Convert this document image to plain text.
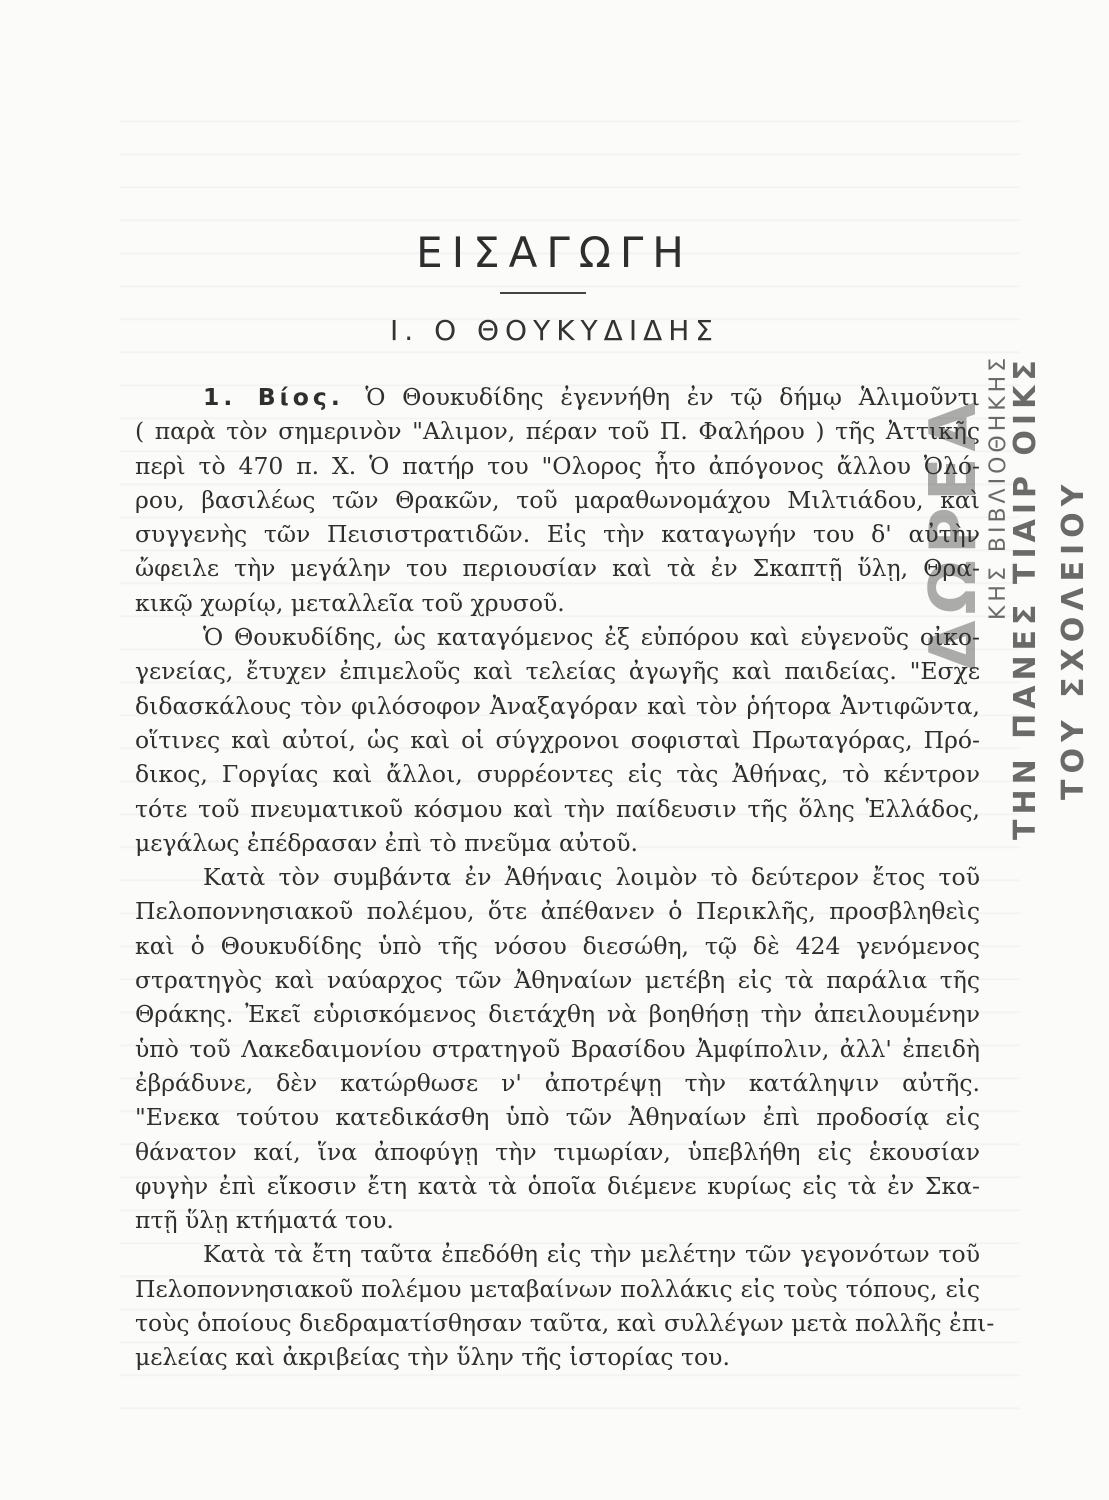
ΕΙΣΑΓΩΓΗ
Ι. Ο ΘΟΥΚΥΔΙΔΗΣ

1. Βίος. Ὁ Θουκυδίδης ἐγεννήθη ἐν τῷ δήμῳ Ἁλιμοῦντι
( παρὰ τὸν σημερινὸν "Αλιμον, πέραν τοῦ Π. Φαλήρου ) τῆς Ἀττικῆς
περὶ τὸ 470 π. Χ. Ὁ πατήρ του "Ολορος ἦτο ἀπόγονος ἄλλου Ὀλό-
ρου, βασιλέως τῶν Θρακῶν, τοῦ μαραθωνομάχου Μιλτιάδου, καὶ
συγγενὴς τῶν Πεισιστρατιδῶν. Εἰς τὴν καταγωγήν του δ' αὐτὴν
ὤφειλε τὴν μεγάλην του περιουσίαν καὶ τὰ ἐν Σκαπτῇ ὕλῃ, Θρα-
κικῷ χωρίῳ, μεταλλεῖα τοῦ χρυσοῦ.

Ὁ Θουκυδίδης, ὡς καταγόμενος ἐξ εὐπόρου καὶ εὐγενοῦς οἰκο-
γενείας, ἔτυχεν ἐπιμελοῦς καὶ τελείας ἀγωγῆς καὶ παιδείας. "Εσχε
διδασκάλους τὸν φιλόσοφον Ἀναξαγόραν καὶ τὸν ῥήτορα Ἀντιφῶντα,
οἵτινες καὶ αὐτοί, ὡς καὶ οἱ σύγχρονοι σοφισταὶ Πρωταγόρας, Πρό-
δικος, Γοργίας καὶ ἄλλοι, συρρέοντες εἰς τὰς Ἀθήνας, τὸ κέντρον
τότε τοῦ πνευματικοῦ κόσμου καὶ τὴν παίδευσιν τῆς ὅλης Ἑλλάδος,
μεγάλως ἐπέδρασαν ἐπὶ τὸ πνεῦμα αὐτοῦ.

Κατὰ τὸν συμβάντα ἐν Ἀθήναις λοιμὸν τὸ δεύτερον ἔτος τοῦ
Πελοποννησιακοῦ πολέμου, ὅτε ἀπέθανεν ὁ Περικλῆς, προσβληθεὶς
καὶ ὁ Θουκυδίδης ὑπὸ τῆς νόσου διεσώθη, τῷ δὲ 424 γενόμενος
στρατηγὸς καὶ ναύαρχος τῶν Ἀθηναίων μετέβη εἰς τὰ παράλια τῆς
Θράκης. Ἐκεῖ εὑρισκόμενος διετάχθη νὰ βοηθήσῃ τὴν ἀπειλουμένην
ὑπὸ τοῦ Λακεδαιμονίου στρατηγοῦ Βρασίδου Ἀμφίπολιν, ἀλλ' ἐπειδὴ
ἐβράδυνε, δὲν κατώρθωσε ν' ἀποτρέψῃ τὴν κατάληψιν αὐτῆς.
"Ενεκα τούτου κατεδικάσθη ὑπὸ τῶν Ἀθηναίων ἐπὶ προδοσίᾳ εἰς
θάνατον καί, ἵνα ἀποφύγῃ τὴν τιμωρίαν, ὑπεβλήθη εἰς ἑκουσίαν
φυγὴν ἐπὶ εἴκοσιν ἔτη κατὰ τὰ ὁποῖα διέμενε κυρίως εἰς τὰ ἐν Σκα-
πτῇ ὕλῃ κτήματά του.

Κατὰ τὰ ἔτη ταῦτα ἐπεδόθη εἰς τὴν μελέτην τῶν γεγονότων τοῦ
Πελοποννησιακοῦ πολέμου μεταβαίνων πολλάκις εἰς τοὺς τόπους, εἰς
τοὺς ὁποίους διεδραματίσθησαν ταῦτα, καὶ συλλέγων μετὰ πολλῆς ἐπι-
μελείας καὶ ἀκριβείας τὴν ὕλην τῆς ἱστορίας του.

ΔΩΡΕΑ
ΚΗΣ ΒΙΒΛΙΟΘΗΚΗΣ
ΤΗΝ ΠΑΝΕΣ ΤΙΑΙΡ ΟΙΚΣ ΤΟΥ ΣΧΟΛΕΙΟΥ
